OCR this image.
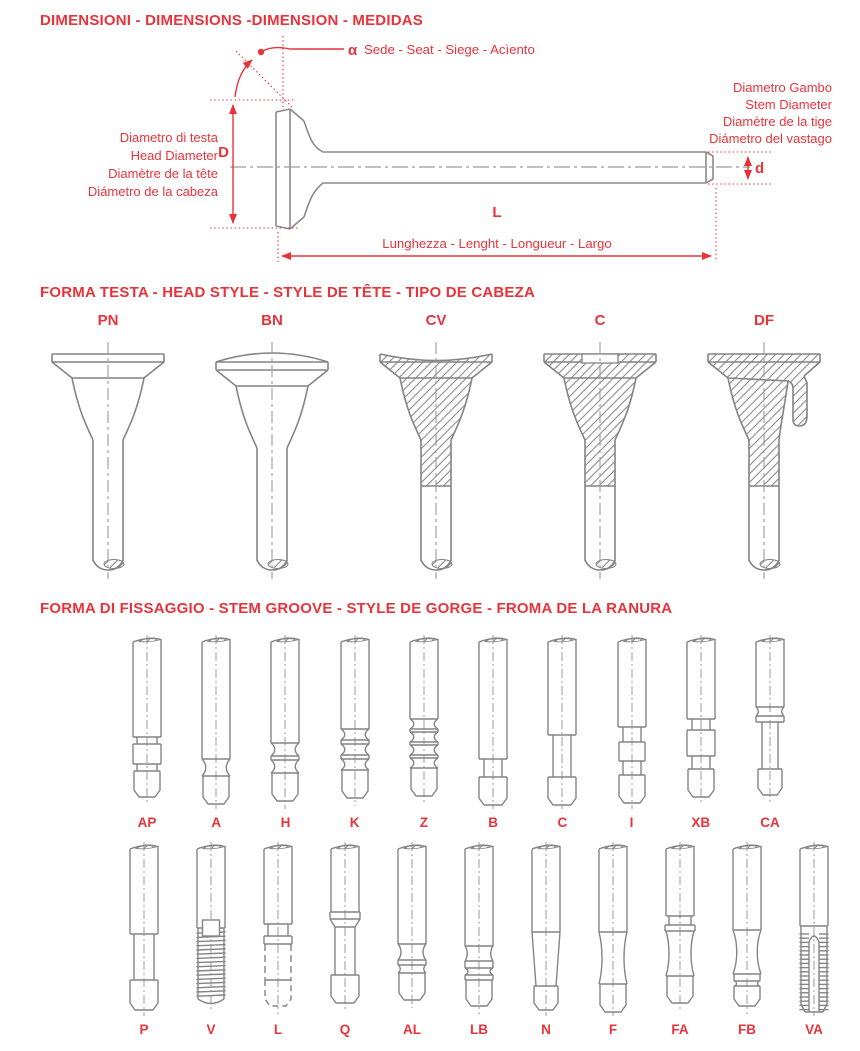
α Sede - Seat - Siege - Acìento
Diametro di testa
Head Diameter
Diamètre de la tête
Diámetro de la cabeza
D
Diametro Gambo
Stem Diameter
Diamètre de la tige
Diámetro del vastago
d
L
Lunghezza - Lenght - Longueur - Largo
DIMENSIONI - DIMENSIONS -DIMENSION - MEDIDAS
FORMA TESTA - HEAD STYLE - STYLE DE TÊTE - TIPO DE CABEZA
PN	BN	CV	C	DF
FORMA DI FISSAGGIO - STEM GROOVE - STYLE DE GORGE - FROMA DE LA RANURA
AP	A	H	K	Z	B	C	I	XB	CA
P	V	L	Q	AL	LB	N	F	FA	FB	VA
